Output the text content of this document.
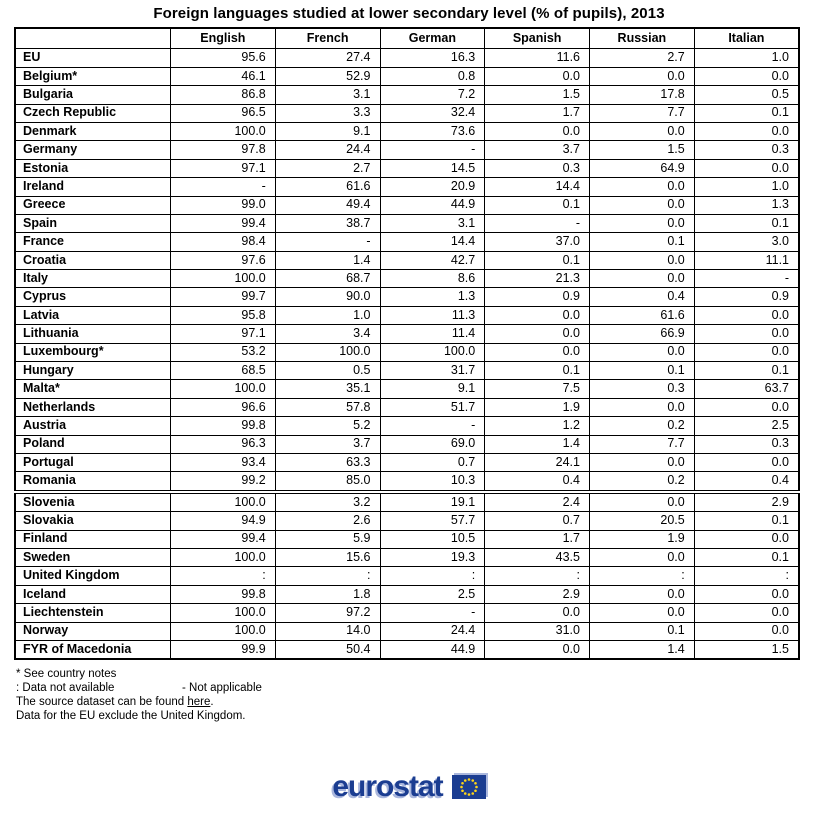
Foreign languages studied at lower secondary level (% of pupils), 2013
	English	French	German	Spanish	Russian	Italian
EU	95.6	27.4	16.3	11.6	2.7	1.0
Belgium*	46.1	52.9	0.8	0.0	0.0	0.0
Bulgaria	86.8	3.1	7.2	1.5	17.8	0.5
Czech Republic	96.5	3.3	32.4	1.7	7.7	0.1
Denmark	100.0	9.1	73.6	0.0	0.0	0.0
Germany	97.8	24.4	-	3.7	1.5	0.3
Estonia	97.1	2.7	14.5	0.3	64.9	0.0
Ireland	-	61.6	20.9	14.4	0.0	1.0
Greece	99.0	49.4	44.9	0.1	0.0	1.3
Spain	99.4	38.7	3.1	-	0.0	0.1
France	98.4	-	14.4	37.0	0.1	3.0
Croatia	97.6	1.4	42.7	0.1	0.0	11.1
Italy	100.0	68.7	8.6	21.3	0.0	-
Cyprus	99.7	90.0	1.3	0.9	0.4	0.9
Latvia	95.8	1.0	11.3	0.0	61.6	0.0
Lithuania	97.1	3.4	11.4	0.0	66.9	0.0
Luxembourg*	53.2	100.0	100.0	0.0	0.0	0.0
Hungary	68.5	0.5	31.7	0.1	0.1	0.1
Malta*	100.0	35.1	9.1	7.5	0.3	63.7
Netherlands	96.6	57.8	51.7	1.9	0.0	0.0
Austria	99.8	5.2	-	1.2	0.2	2.5
Poland	96.3	3.7	69.0	1.4	7.7	0.3
Portugal	93.4	63.3	0.7	24.1	0.0	0.0
Romania	99.2	85.0	10.3	0.4	0.2	0.4
Slovenia	100.0	3.2	19.1	2.4	0.0	2.9
Slovakia	94.9	2.6	57.7	0.7	20.5	0.1
Finland	99.4	5.9	10.5	1.7	1.9	0.0
Sweden	100.0	15.6	19.3	43.5	0.0	0.1
United Kingdom	:	:	:	:	:	:
Iceland	99.8	1.8	2.5	2.9	0.0	0.0
Liechtenstein	100.0	97.2	-	0.0	0.0	0.0
Norway	100.0	14.0	24.4	31.0	0.1	0.0
FYR of Macedonia	99.9	50.4	44.9	0.0	1.4	1.5
* See country notes
: Data not available	- Not applicable
The source dataset can be found here.
Data for the EU exclude the United Kingdom.
eurostat
